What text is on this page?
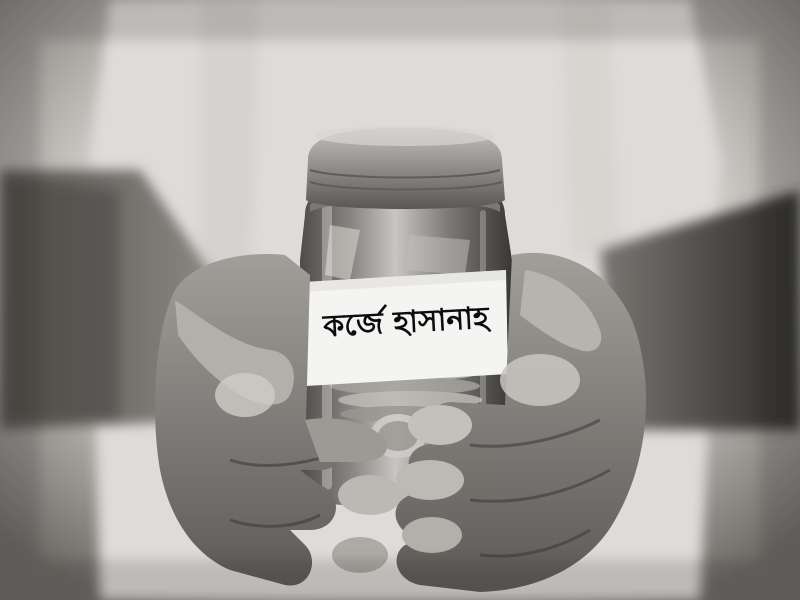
কর্জে হাসানাহ
